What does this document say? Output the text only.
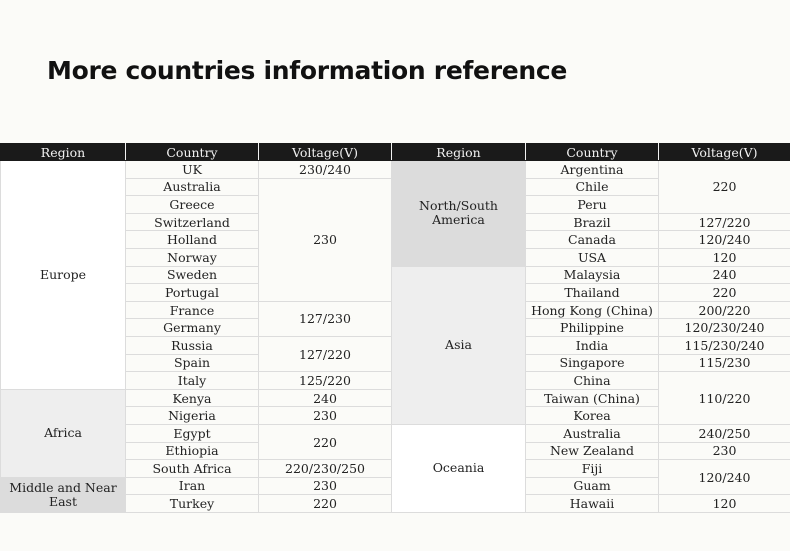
More countries information reference
Region	Country	Voltage(V)	Region	Country	Voltage(V)
Europe	UK	230/240	North/South America	Argentina	220
	Australia	230		Chile	
	Greece			Peru	
	Switzerland			Brazil	127/220
	Holland			Canada	120/240
	Norway			USA	120
	Sweden		Asia	Malaysia	240
	Portugal			Thailand	220
	France	127/230		Hong Kong (China)	200/220
	Germany			Philippine	120/230/240
	Russia	127/220		India	115/230/240
	Spain			Singapore	115/230
	Italy	125/220		China	110/220
Africa	Kenya	240		Taiwan (China)	
	Nigeria	230		Korea	
	Egypt	220	Oceania	Australia	240/250
	Ethiopia			New Zealand	230
	South Africa	220/230/250		Fiji	120/240
Middle and Near East	Iran	230		Guam	
	Turkey	220		Hawaii	120
